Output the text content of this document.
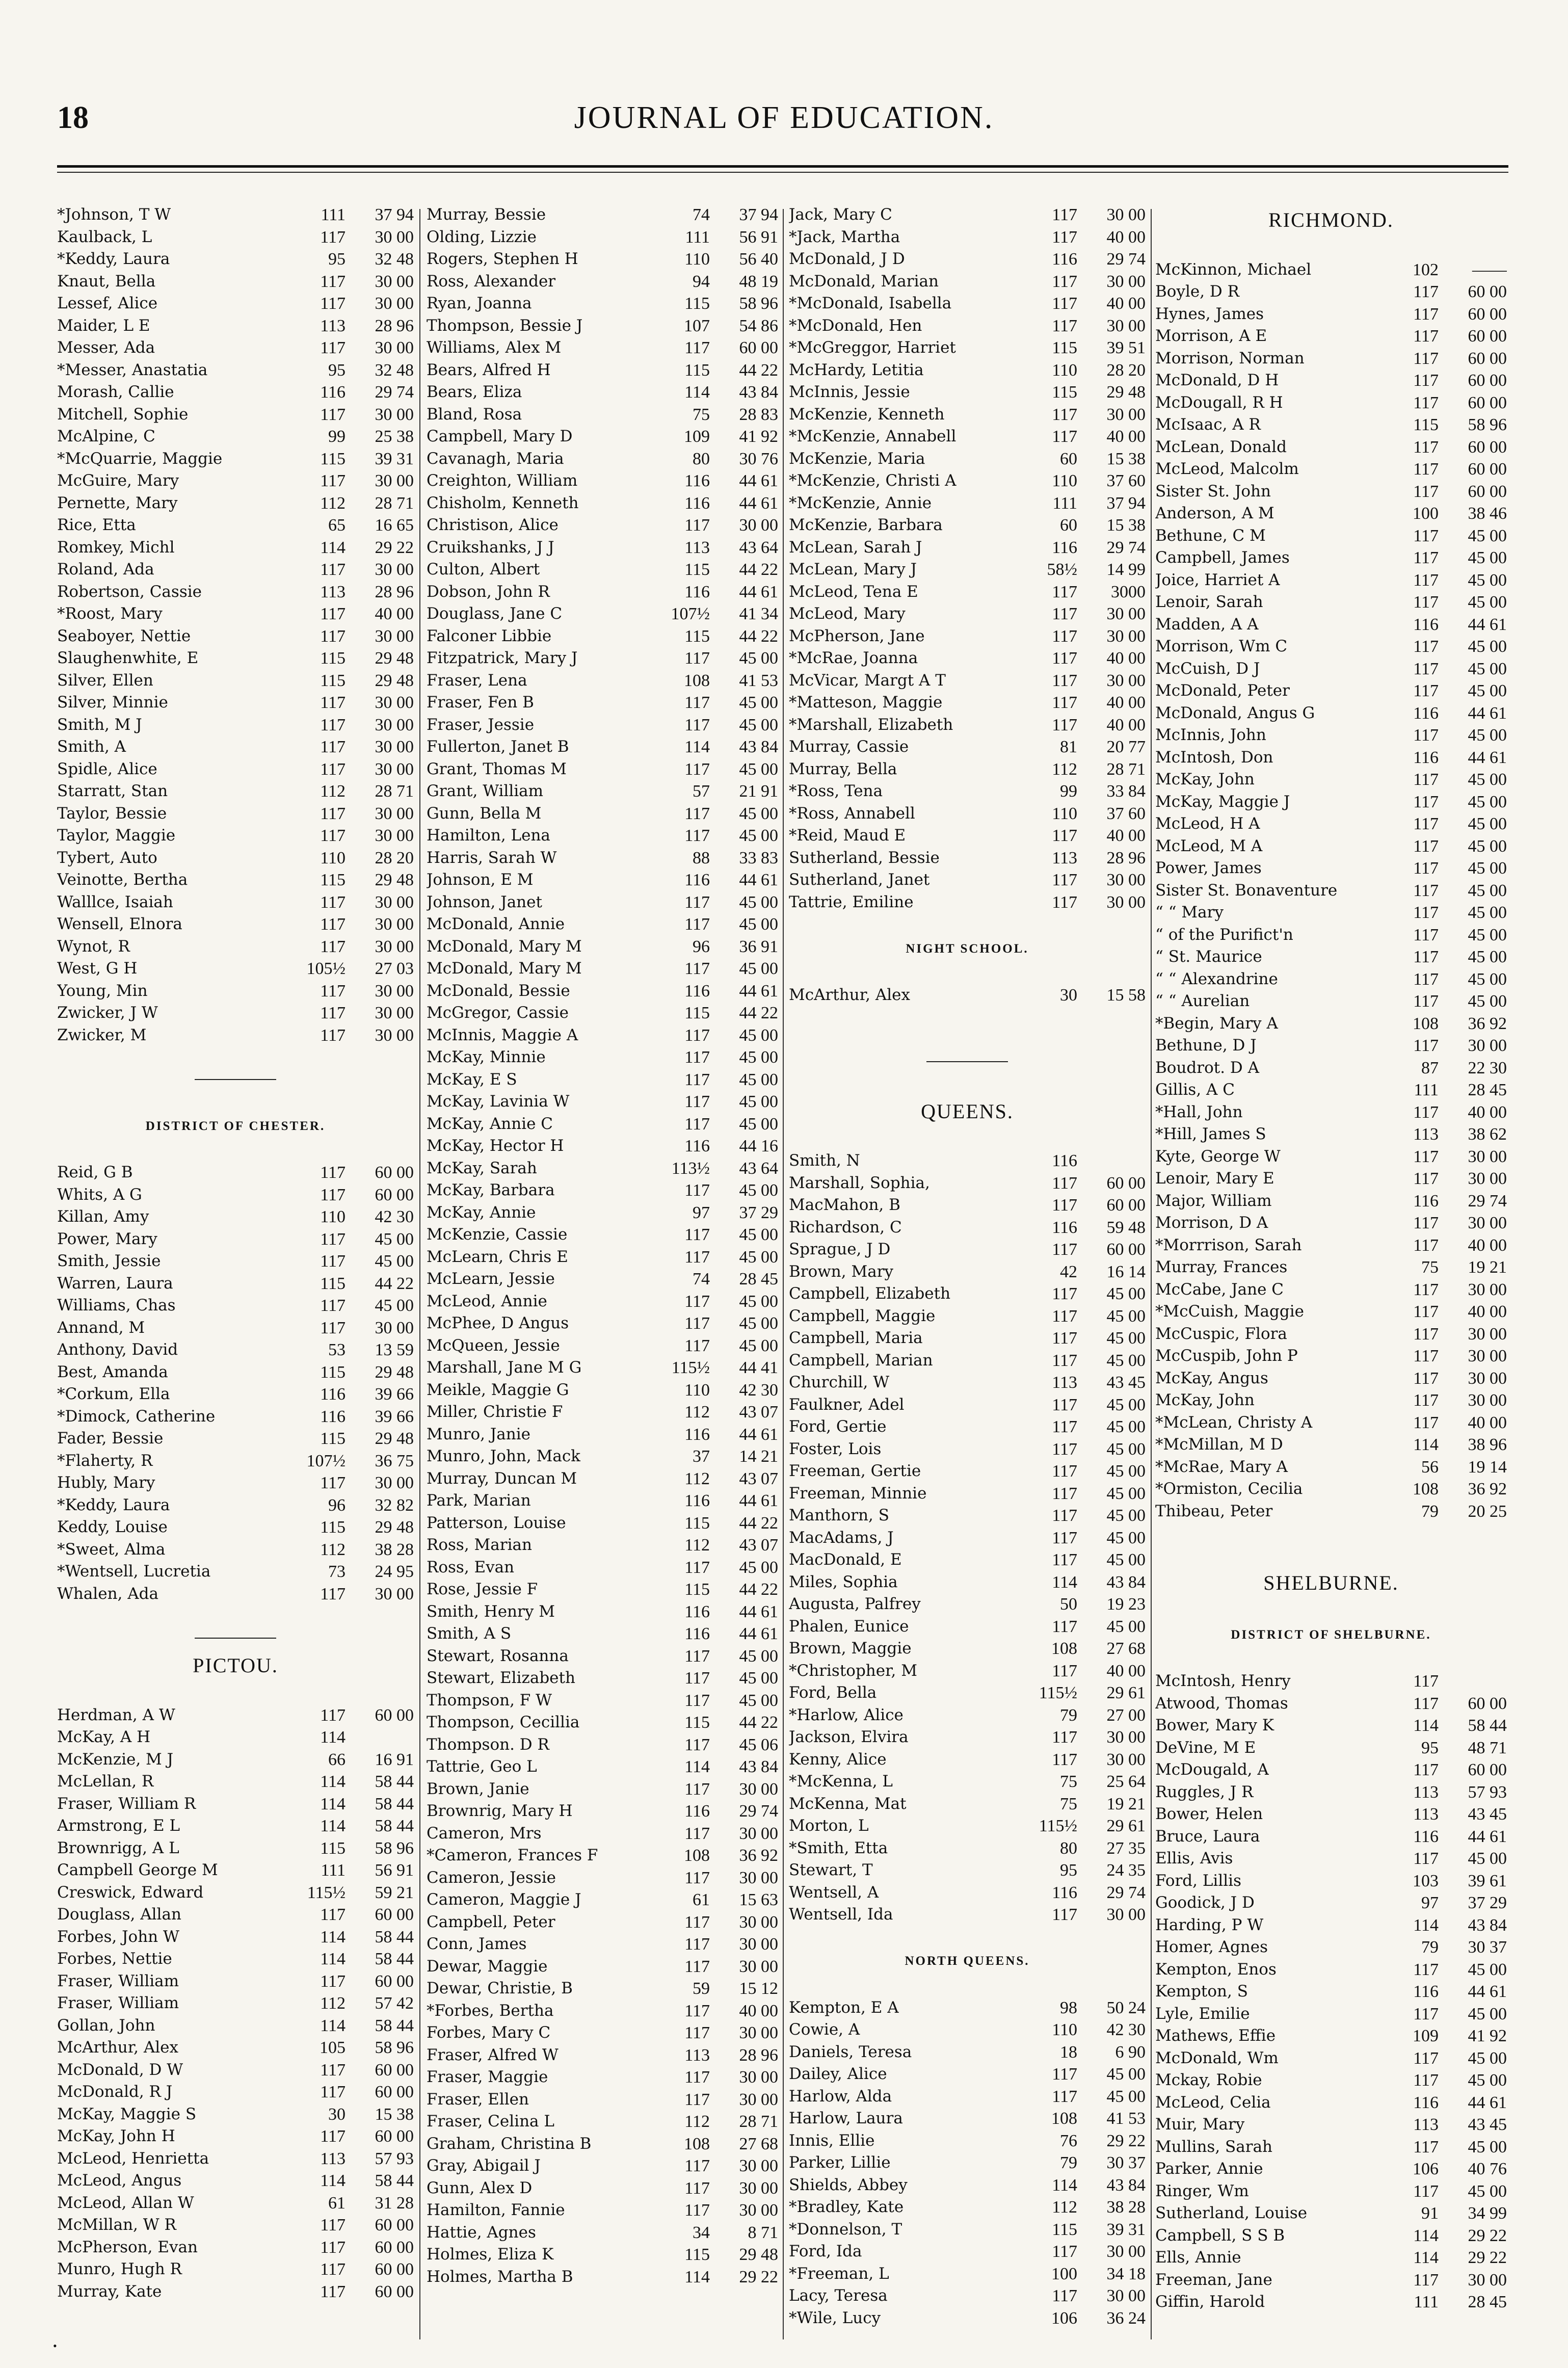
18	JOURNAL OF EDUCATION.
*Johnson, T W	111	37 94
Kaulback, L	117	30 00
*Keddy, Laura	95	32 48
Knaut, Bella	117	30 00
Lessef, Alice	117	30 00
Maider, L E	113	28 96
Messer, Ada	117	30 00
*Messer, Anastatia	95	32 48
Morash, Callie	116	29 74
Mitchell, Sophie	117	30 00
McAlpine, C	99	25 38
*McQuarrie, Maggie	115	39 31
McGuire, Mary	117	30 00
Pernette, Mary	112	28 71
Rice, Etta	65	16 65
Romkey, Michl	114	29 22
Roland, Ada	117	30 00
Robertson, Cassie	113	28 96
*Roost, Mary	117	40 00
Seaboyer, Nettie	117	30 00
Slaughenwhite, E	115	29 48
Silver, Ellen	115	29 48
Silver, Minnie	117	30 00
Smith, M J	117	30 00
Smith, A	117	30 00
Spidle, Alice	117	30 00
Starratt, Stan	112	28 71
Taylor, Bessie	117	30 00
Taylor, Maggie	117	30 00
Tybert, Auto	110	28 20
Veinotte, Bertha	115	29 48
Walllce, Isaiah	117	30 00
Wensell, Elnora	117	30 00
Wynot, R	117	30 00
West, G H	105½	27 03
Young, Min	117	30 00
Zwicker, J W	117	30 00
Zwicker, M	117	30 00
DISTRICT OF CHESTER.
Reid, G B	117	60 00
Whits, A G	117	60 00
Killan, Amy	110	42 30
Power, Mary	117	45 00
Smith, Jessie	117	45 00
Warren, Laura	115	44 22
Williams, Chas	117	45 00
Annand, M	117	30 00
Anthony, David	53	13 59
Best, Amanda	115	29 48
*Corkum, Ella	116	39 66
*Dimock, Catherine	116	39 66
Fader, Bessie	115	29 48
*Flaherty, R	107½	36 75
Hubly, Mary	117	30 00
*Keddy, Laura	96	32 82
Keddy, Louise	115	29 48
*Sweet, Alma	112	38 28
*Wentsell, Lucretia	73	24 95
Whalen, Ada	117	30 00
PICTOU.
Herdman, A W	117	60 00
McKay, A H	114
McKenzie, M J	66	16 91
McLellan, R	114	58 44
Fraser, William R	114	58 44
Armstrong, E L	114	58 44
Brownrigg, A L	115	58 96
Campbell George M	111	56 91
Creswick, Edward	115½	59 21
Douglass, Allan	117	60 00
Forbes, John W	114	58 44
Forbes, Nettie	114	58 44
Fraser, William	117	60 00
Fraser, William	112	57 42
Gollan, John	114	58 44
McArthur, Alex	105	58 96
McDonald, D W	117	60 00
McDonald, R J	117	60 00
McKay, Maggie S	30	15 38
McKay, John H	117	60 00
McLeod, Henrietta	113	57 93
McLeod, Angus	114	58 44
McLeod, Allan W	61	31 28
McMillan, W R	117	60 00
McPherson, Evan	117	60 00
Munro, Hugh R	117	60 00
Murray, Kate	117	60 00
Murray, Bessie	74	37 94
Olding, Lizzie	111	56 91
Rogers, Stephen H	110	56 40
Ross, Alexander	94	48 19
Ryan, Joanna	115	58 96
Thompson, Bessie J	107	54 86
Williams, Alex M	117	60 00
Bears, Alfred H	115	44 22
Bears, Eliza	114	43 84
Bland, Rosa	75	28 83
Campbell, Mary D	109	41 92
Cavanagh, Maria	80	30 76
Creighton, William	116	44 61
Chisholm, Kenneth	116	44 61
Christison, Alice	117	30 00
Cruikshanks, J J	113	43 64
Culton, Albert	115	44 22
Dobson, John R	116	44 61
Douglass, Jane C	107½	41 34
Falconer Libbie	115	44 22
Fitzpatrick, Mary J	117	45 00
Fraser, Lena	108	41 53
Fraser, Fen B	117	45 00
Fraser, Jessie	117	45 00
Fullerton, Janet B	114	43 84
Grant, Thomas M	117	45 00
Grant, William	57	21 91
Gunn, Bella M	117	45 00
Hamilton, Lena	117	45 00
Harris, Sarah W	88	33 83
Johnson, E M	116	44 61
Johnson, Janet	117	45 00
McDonald, Annie	117	45 00
McDonald, Mary M	96	36 91
McDonald, Mary M	117	45 00
McDonald, Bessie	116	44 61
McGregor, Cassie	115	44 22
McInnis, Maggie A	117	45 00
McKay, Minnie	117	45 00
McKay, E S	117	45 00
McKay, Lavinia W	117	45 00
McKay, Annie C	117	45 00
McKay, Hector H	116	44 16
McKay, Sarah	113½	43 64
McKay, Barbara	117	45 00
McKay, Annie	97	37 29
McKenzie, Cassie	117	45 00
McLearn, Chris E	117	45 00
McLearn, Jessie	74	28 45
McLeod, Annie	117	45 00
McPhee, D Angus	117	45 00
McQueen, Jessie	117	45 00
Marshall, Jane M G	115½	44 41
Meikle, Maggie G	110	42 30
Miller, Christie F	112	43 07
Munro, Janie	116	44 61
Munro, John, Mack	37	14 21
Murray, Duncan M	112	43 07
Park, Marian	116	44 61
Patterson, Louise	115	44 22
Ross, Marian	112	43 07
Ross, Evan	117	45 00
Rose, Jessie F	115	44 22
Smith, Henry M	116	44 61
Smith, A S	116	44 61
Stewart, Rosanna	117	45 00
Stewart, Elizabeth	117	45 00
Thompson, F W	117	45 00
Thompson, Cecillia	115	44 22
Thompson. D R	117	45 06
Tattrie, Geo L	114	43 84
Brown, Janie	117	30 00
Brownrig, Mary H	116	29 74
Cameron, Mrs	117	30 00
*Cameron, Frances F	108	36 92
Cameron, Jessie	117	30 00
Cameron, Maggie J	61	15 63
Campbell, Peter	117	30 00
Conn, James	117	30 00
Dewar, Maggie	117	30 00
Dewar, Christie, B	59	15 12
*Forbes, Bertha	117	40 00
Forbes, Mary C	117	30 00
Fraser, Alfred W	113	28 96
Fraser, Maggie	117	30 00
Fraser, Ellen	117	30 00
Fraser, Celina L	112	28 71
Graham, Christina B	108	27 68
Gray, Abigail J	117	30 00
Gunn, Alex D	117	30 00
Hamilton, Fannie	117	30 00
Hattie, Agnes	34	8 71
Holmes, Eliza K	115	29 48
Holmes, Martha B	114	29 22
Jack, Mary C	117	30 00
*Jack, Martha	117	40 00
McDonald, J D	116	29 74
McDonald, Marian	117	30 00
*McDonald, Isabella	117	40 00
*McDonald, Hen	117	30 00
*McGreggor, Harriet	115	39 51
McHardy, Letitia	110	28 20
McInnis, Jessie	115	29 48
McKenzie, Kenneth	117	30 00
*McKenzie, Annabell	117	40 00
McKenzie, Maria	60	15 38
*McKenzie, Christi A	110	37 60
*McKenzie, Annie	111	37 94
McKenzie, Barbara	60	15 38
McLean, Sarah J	116	29 74
McLean, Mary J	58½	14 99
McLeod, Tena E	117	3000
McLeod, Mary	117	30 00
McPherson, Jane	117	30 00
*McRae, Joanna	117	40 00
McVicar, Margt A T	117	30 00
*Matteson, Maggie	117	40 00
*Marshall, Elizabeth	117	40 00
Murray, Cassie	81	20 77
Murray, Bella	112	28 71
*Ross, Tena	99	33 84
*Ross, Annabell	110	37 60
*Reid, Maud E	117	40 00
Sutherland, Bessie	113	28 96
Sutherland, Janet	117	30 00
Tattrie, Emiline	117	30 00
NIGHT SCHOOL.
McArthur, Alex	30	15 58
QUEENS.
Smith, N	116
Marshall, Sophia,	117	60 00
MacMahon, B	117	60 00
Richardson, C	116	59 48
Sprague, J D	117	60 00
Brown, Mary	42	16 14
Campbell, Elizabeth	117	45 00
Campbell, Maggie	117	45 00
Campbell, Maria	117	45 00
Campbell, Marian	117	45 00
Churchill, W	113	43 45
Faulkner, Adel	117	45 00
Ford, Gertie	117	45 00
Foster, Lois	117	45 00
Freeman, Gertie	117	45 00
Freeman, Minnie	117	45 00
Manthorn, S	117	45 00
MacAdams, J	117	45 00
MacDonald, E	117	45 00
Miles, Sophia	114	43 84
Augusta, Palfrey	50	19 23
Phalen, Eunice	117	45 00
Brown, Maggie	108	27 68
*Christopher, M	117	40 00
Ford, Bella	115½	29 61
*Harlow, Alice	79	27 00
Jackson, Elvira	117	30 00
Kenny, Alice	117	30 00
*McKenna, L	75	25 64
McKenna, Mat	75	19 21
Morton, L	115½	29 61
*Smith, Etta	80	27 35
Stewart, T	95	24 35
Wentsell, A	116	29 74
Wentsell, Ida	117	30 00
NORTH QUEENS.
Kempton, E A	98	50 24
Cowie, A	110	42 30
Daniels, Teresa	18	6 90
Dailey, Alice	117	45 00
Harlow, Alda	117	45 00
Harlow, Laura	108	41 53
Innis, Ellie	76	29 22
Parker, Lillie	79	30 37
Shields, Abbey	114	43 84
*Bradley, Kate	112	38 28
*Donnelson, T	115	39 31
Ford, Ida	117	30 00
*Freeman, L	100	34 18
Lacy, Teresa	117	30 00
*Wile, Lucy	106	36 24
RICHMOND.
McKinnon, Michael	102	——
Boyle, D R	117	60 00
Hynes, James	117	60 00
Morrison, A E	117	60 00
Morrison, Norman	117	60 00
McDonald, D H	117	60 00
McDougall, R H	117	60 00
McIsaac, A R	115	58 96
McLean, Donald	117	60 00
McLeod, Malcolm	117	60 00
Sister St. John	117	60 00
Anderson, A M	100	38 46
Bethune, C M	117	45 00
Campbell, James	117	45 00
Joice, Harriet A	117	45 00
Lenoir, Sarah	117	45 00
Madden, A A	116	44 61
Morrison, Wm C	117	45 00
McCuish, D J	117	45 00
McDonald, Peter	117	45 00
McDonald, Angus G	116	44 61
McInnis, John	117	45 00
McIntosh, Don	116	44 61
McKay, John	117	45 00
McKay, Maggie J	117	45 00
McLeod, H A	117	45 00
McLeod, M A	117	45 00
Power, James	117	45 00
Sister St. Bonaventure	117	45 00
“ “ Mary	117	45 00
“ of the Purifict'n	117	45 00
“ St. Maurice	117	45 00
“ “ Alexandrine	117	45 00
“ “ Aurelian	117	45 00
*Begin, Mary A	108	36 92
Bethune, D J	117	30 00
Boudrot. D A	87	22 30
Gillis, A C	111	28 45
*Hall, John	117	40 00
*Hill, James S	113	38 62
Kyte, George W	117	30 00
Lenoir, Mary E	117	30 00
Major, William	116	29 74
Morrison, D A	117	30 00
*Morrrison, Sarah	117	40 00
Murray, Frances	75	19 21
McCabe, Jane C	117	30 00
*McCuish, Maggie	117	40 00
McCuspic, Flora	117	30 00
McCuspib, John P	117	30 00
McKay, Angus	117	30 00
McKay, John	117	30 00
*McLean, Christy A	117	40 00
*McMillan, M D	114	38 96
*McRae, Mary A	56	19 14
*Ormiston, Cecilia	108	36 92
Thibeau, Peter	79	20 25
SHELBURNE.
DISTRICT OF SHELBURNE.
McIntosh, Henry	117
Atwood, Thomas	117	60 00
Bower, Mary K	114	58 44
DeVine, M E	95	48 71
McDougald, A	117	60 00
Ruggles, J R	113	57 93
Bower, Helen	113	43 45
Bruce, Laura	116	44 61
Ellis, Avis	117	45 00
Ford, Lillis	103	39 61
Goodick, J D	97	37 29
Harding, P W	114	43 84
Homer, Agnes	79	30 37
Kempton, Enos	117	45 00
Kempton, S	116	44 61
Lyle, Emilie	117	45 00
Mathews, Effie	109	41 92
McDonald, Wm	117	45 00
Mckay, Robie	117	45 00
McLeod, Celia	116	44 61
Muir, Mary	113	43 45
Mullins, Sarah	117	45 00
Parker, Annie	106	40 76
Ringer, Wm	117	45 00
Sutherland, Louise	91	34 99
Campbell, S S B	114	29 22
Ells, Annie	114	29 22
Freeman, Jane	117	30 00
Giffin, Harold	111	28 45
•
